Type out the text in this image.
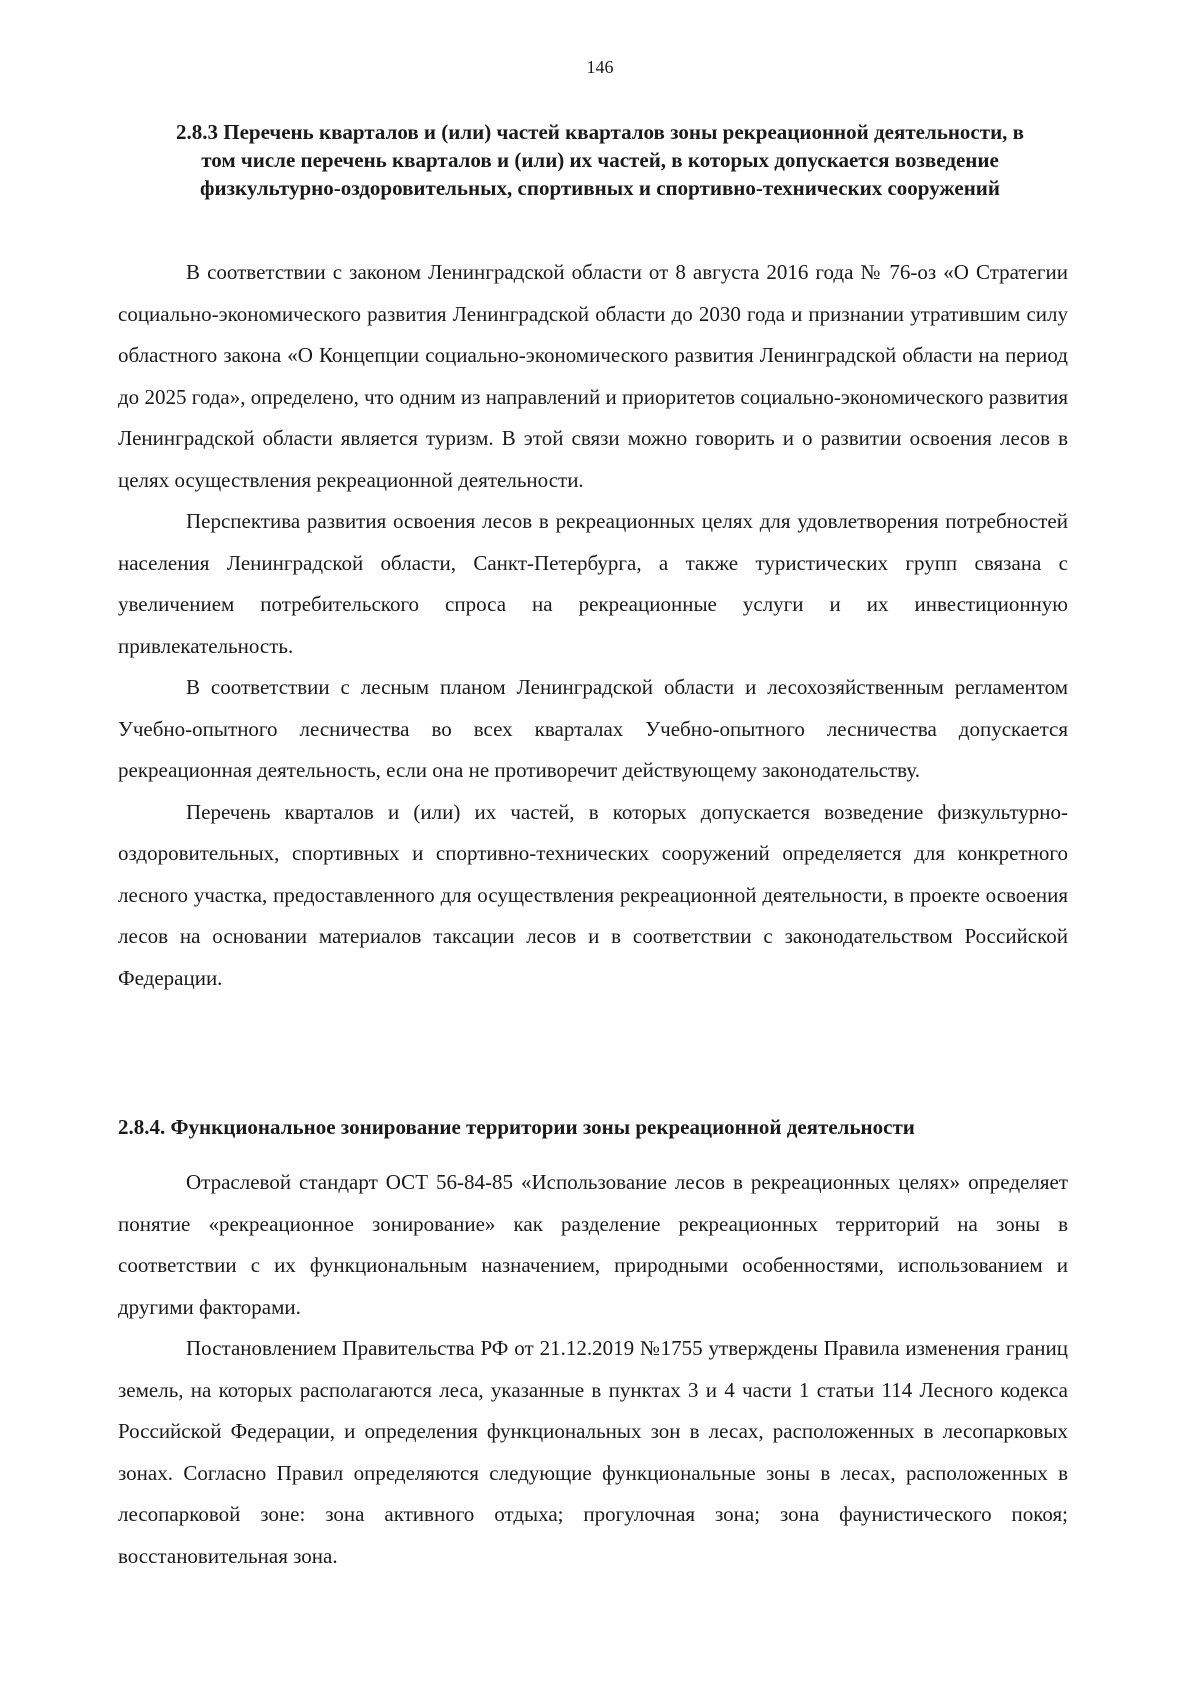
146
2.8.3 Перечень кварталов и (или) частей кварталов зоны рекреационной деятельности, в том числе перечень кварталов и (или) их частей, в которых допускается возведение физкультурно-оздоровительных, спортивных и спортивно-технических сооружений

В соответствии с законом Ленинградской области от 8 августа 2016 года № 76-оз «О Стратегии социально-экономического развития Ленинградской области до 2030 года и признании утратившим силу областного закона «О Концепции социально-экономического развития Ленинградской области на период до 2025 года», определено, что одним из направлений и приоритетов социально-экономического развития Ленинградской области является туризм. В этой связи можно говорить и о развитии освоения лесов в целях осуществления рекреационной деятельности.

Перспектива развития освоения лесов в рекреационных целях для удовлетворения потребностей населения Ленинградской области, Санкт-Петербурга, а также туристических групп связана с увеличением потребительского спроса на рекреационные услуги и их инвестиционную привлекательность.

В соответствии с лесным планом Ленинградской области и лесохозяйственным регламентом Учебно-опытного лесничества во всех кварталах Учебно-опытного лесничества допускается рекреационная деятельность, если она не противоречит действующему законодательству.

Перечень кварталов и (или) их частей, в которых допускается возведение физкультурно-оздоровительных, спортивных и спортивно-технических сооружений определяется для конкретного лесного участка, предоставленного для осуществления рекреационной деятельности, в проекте освоения лесов на основании материалов таксации лесов и в соответствии с законодательством Российской Федерации.

2.8.4. Функциональное зонирование территории зоны рекреационной деятельности

Отраслевой стандарт ОСТ 56-84-85 «Использование лесов в рекреационных целях» определяет понятие «рекреационное зонирование» как разделение рекреационных территорий на зоны в соответствии с их функциональным назначением, природными особенностями, использованием и другими факторами.

Постановлением Правительства РФ от 21.12.2019 №1755 утверждены Правила изменения границ земель, на которых располагаются леса, указанные в пунктах 3 и 4 части 1 статьи 114 Лесного кодекса Российской Федерации, и определения функциональных зон в лесах, расположенных в лесопарковых зонах. Согласно Правил определяются следующие функциональные зоны в лесах, расположенных в лесопарковой зоне: зона активного отдыха; прогулочная зона; зона фаунистического покоя; восстановительная зона.
